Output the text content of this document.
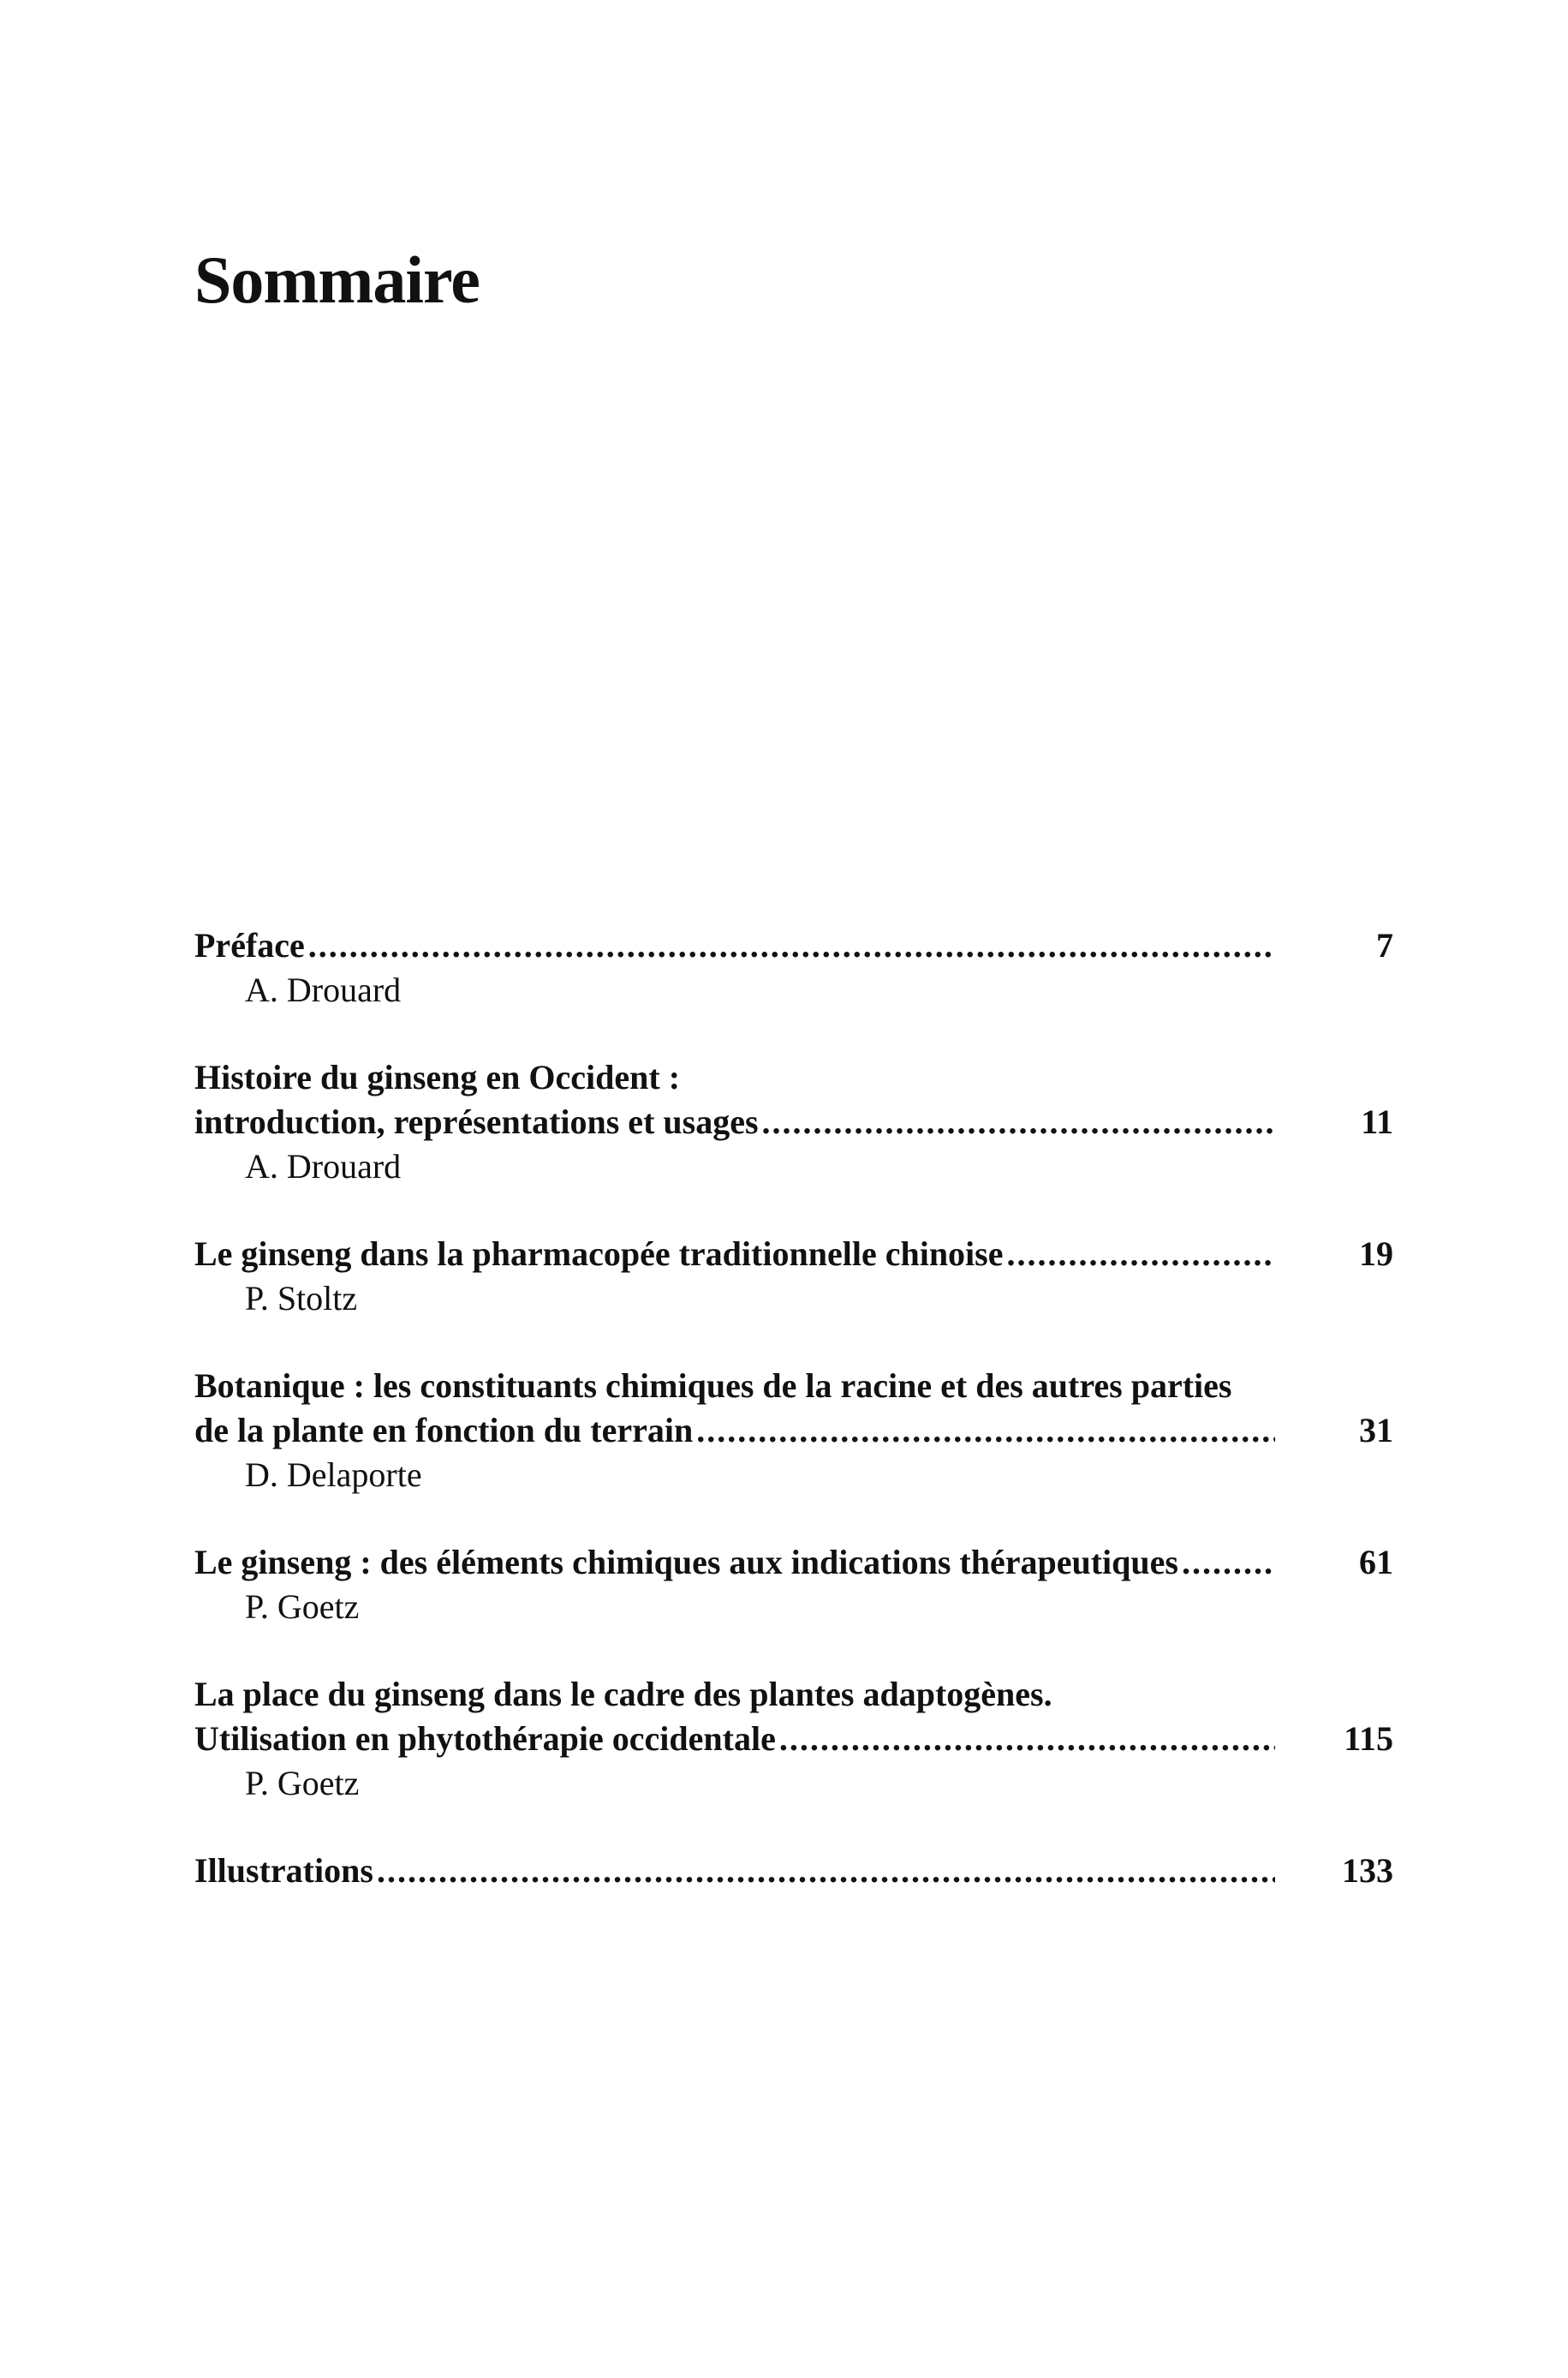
Sommaire
Préface .....	7
A. Drouard
Histoire du ginseng en Occident :
introduction, représentations et usages .....	11
A. Drouard
Le ginseng dans la pharmacopée traditionnelle chinoise .....	19
P. Stoltz
Botanique : les constituants chimiques de la racine et des autres parties
de la plante en fonction du terrain .....	31
D. Delaporte
Le ginseng : des éléments chimiques aux indications thérapeutiques .....	61
P. Goetz
La place du ginseng dans le cadre des plantes adaptogènes.
Utilisation en phytothérapie occidentale .....	115
P. Goetz
Illustrations .....	133
